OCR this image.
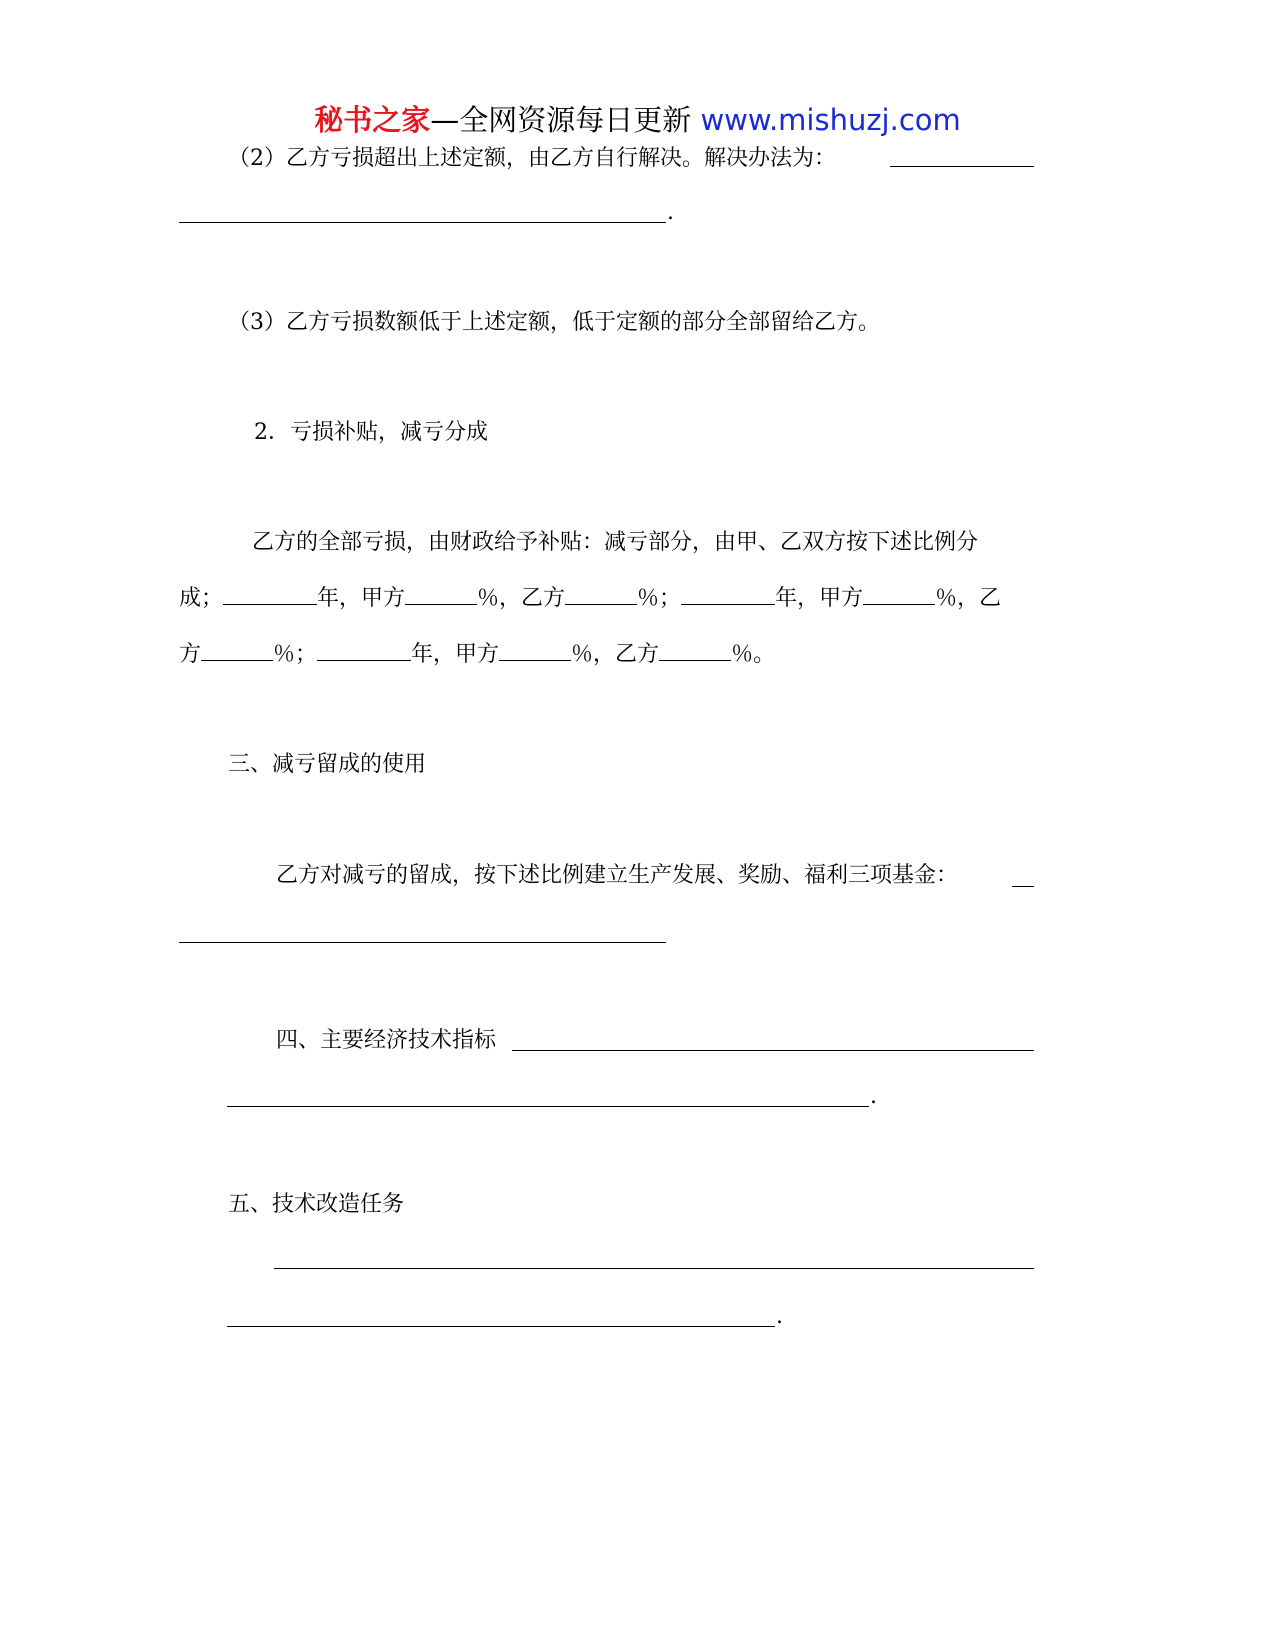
秘书之家—全网资源每日更新 www.mishuzj.com
（2）乙方亏损超出上述定额，由乙方自行解决。解决办法为：
.
（3）乙方亏损数额低于上述定额，低于定额的部分全部留给乙方。
2．亏损补贴，减亏分成
乙方的全部亏损，由财政给予补贴：减亏部分，由甲、乙双方按下述比例分
成；	年，甲方	％，乙方	％；	年，甲方	％，乙
方	％；	年，甲方	％，乙方	％。
三、减亏留成的使用
乙方对减亏的留成，按下述比例建立生产发展、奖励、福利三项基金：
四、主要经济技术指标
.
五、技术改造任务
.
